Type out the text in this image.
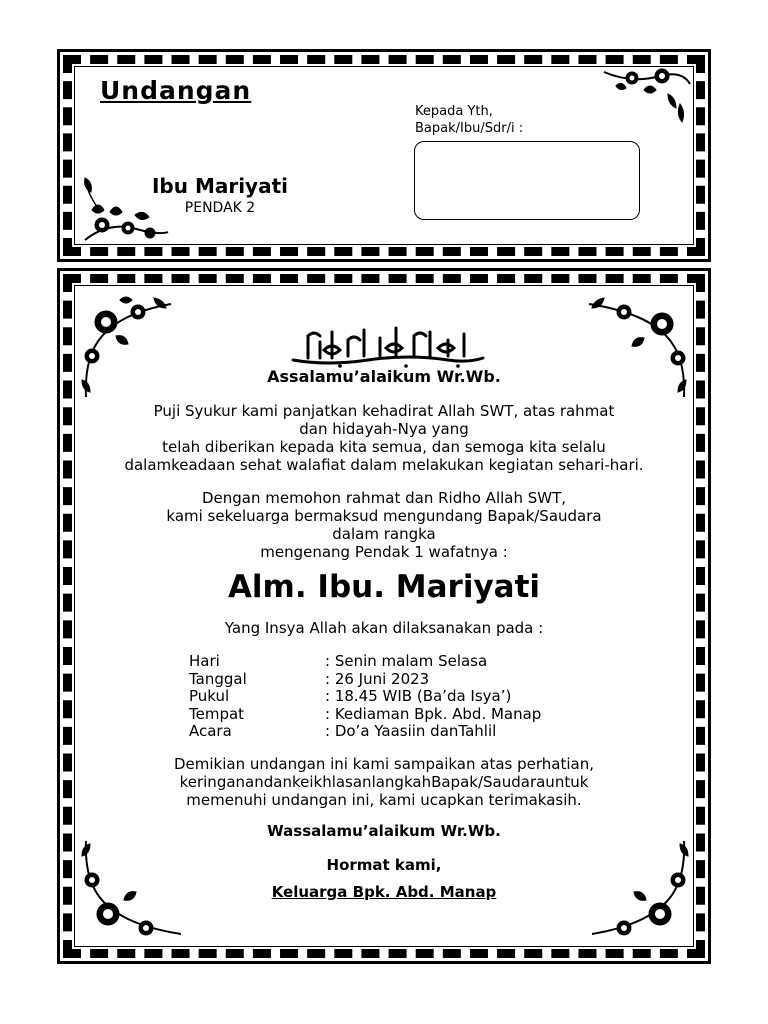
Undangan
Kepada Yth,
Bapak/Ibu/Sdr/i :
Ibu Mariyati
PENDAK 2
Assalamu’alaikum Wr.Wb.
Puji Syukur kami panjatkan kehadirat Allah SWT, atas rahmat
dan hidayah-Nya yang
telah diberikan kepada kita semua, dan semoga kita selalu
dalamkeadaan sehat walafiat dalam melakukan kegiatan sehari-hari.
Dengan memohon rahmat dan Ridho Allah SWT,
kami sekeluarga bermaksud mengundang Bapak/Saudara
dalam rangka
mengenang Pendak 1 wafatnya :
Alm. Ibu. Mariyati
Yang Insya Allah akan dilaksanakan pada :
Hari	: Senin malam Selasa
Tanggal	: 26 Juni 2023
Pukul	: 18.45 WIB (Ba’da Isya’)
Tempat	: Kediaman Bpk. Abd. Manap
Acara	: Do’a Yaasiin danTahlil
Demikian undangan ini kami sampaikan atas perhatian,
keringanandankeikhlasanlangkahBapak/Saudarauntuk
memenuhi undangan ini, kami ucapkan terimakasih.
Wassalamu’alaikum Wr.Wb.
Hormat kami,
Keluarga Bpk. Abd. Manap
